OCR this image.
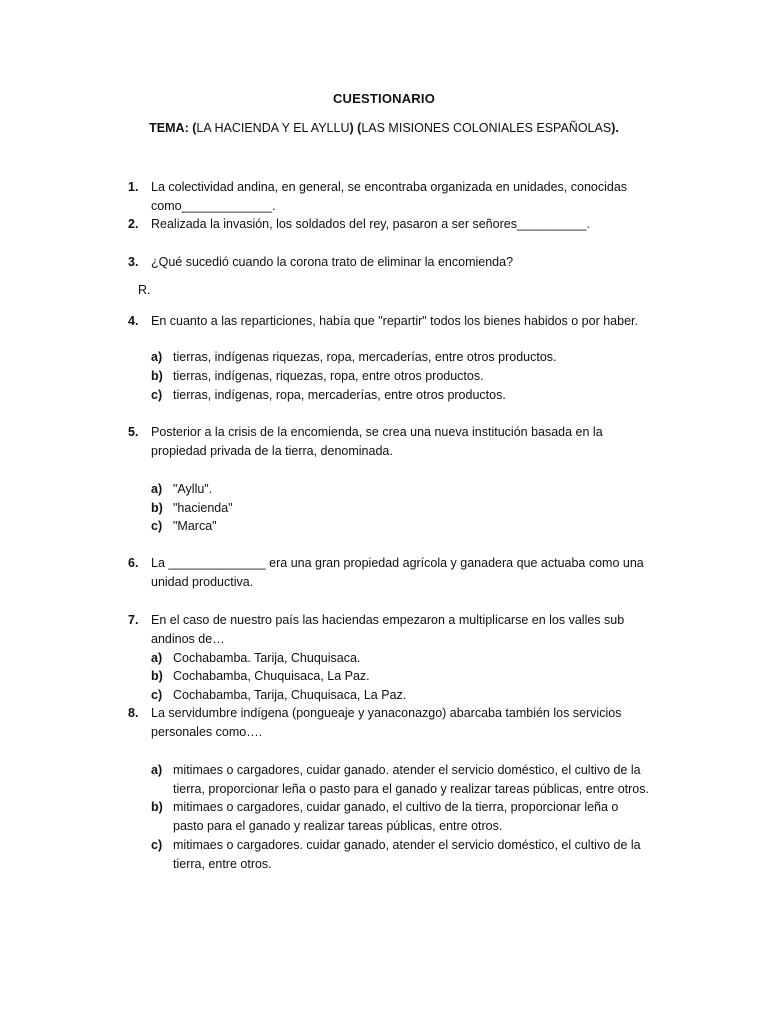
CUESTIONARIO
TEMA: (LA HACIENDA Y EL AYLLU) (LAS MISIONES COLONIALES ESPAÑOLAS).
1.	La colectividad andina, en general, se encontraba organizada en unidades, conocidas como_____________.
2.	Realizada la invasión, los soldados del rey, pasaron a ser señores__________.
3.	¿Qué sucedió cuando la corona trato de eliminar la encomienda?
R.
4.	En cuanto a las reparticiones, había que "repartir" todos los bienes habidos o por haber.
a) tierras, indígenas riquezas, ropa, mercaderías, entre otros productos.
b) tierras, indígenas, riquezas, ropa, entre otros productos.
c) tierras, indígenas, ropa, mercaderías, entre otros productos.
5.	Posterior a la crisis de la encomienda, se crea una nueva institución basada en la propiedad privada de la tierra, denominada.
a) "Ayllu".
b) "hacienda"
c) "Marca"
6.	La ______________ era una gran propiedad agrícola y ganadera que actuaba como una unidad productiva.
7.	En el caso de nuestro país las haciendas empezaron a multiplicarse en los valles sub andinos de…
a) Cochabamba. Tarija, Chuquisaca.
b) Cochabamba, Chuquisaca, La Paz.
c) Cochabamba, Tarija, Chuquisaca, La Paz.
8.	La servidumbre indígena (pongueaje y yanaconazgo) abarcaba también los servicios personales como….
a) mitimaes o cargadores, cuidar ganado. atender el servicio doméstico, el cultivo de la tierra, proporcionar leña o pasto para el ganado y realizar tareas públicas, entre otros.
b) mitimaes o cargadores, cuidar ganado, el cultivo de la tierra, proporcionar leña o pasto para el ganado y realizar tareas públicas, entre otros.
c) mitimaes o cargadores. cuidar ganado, atender el servicio doméstico, el cultivo de la tierra, entre otros.
